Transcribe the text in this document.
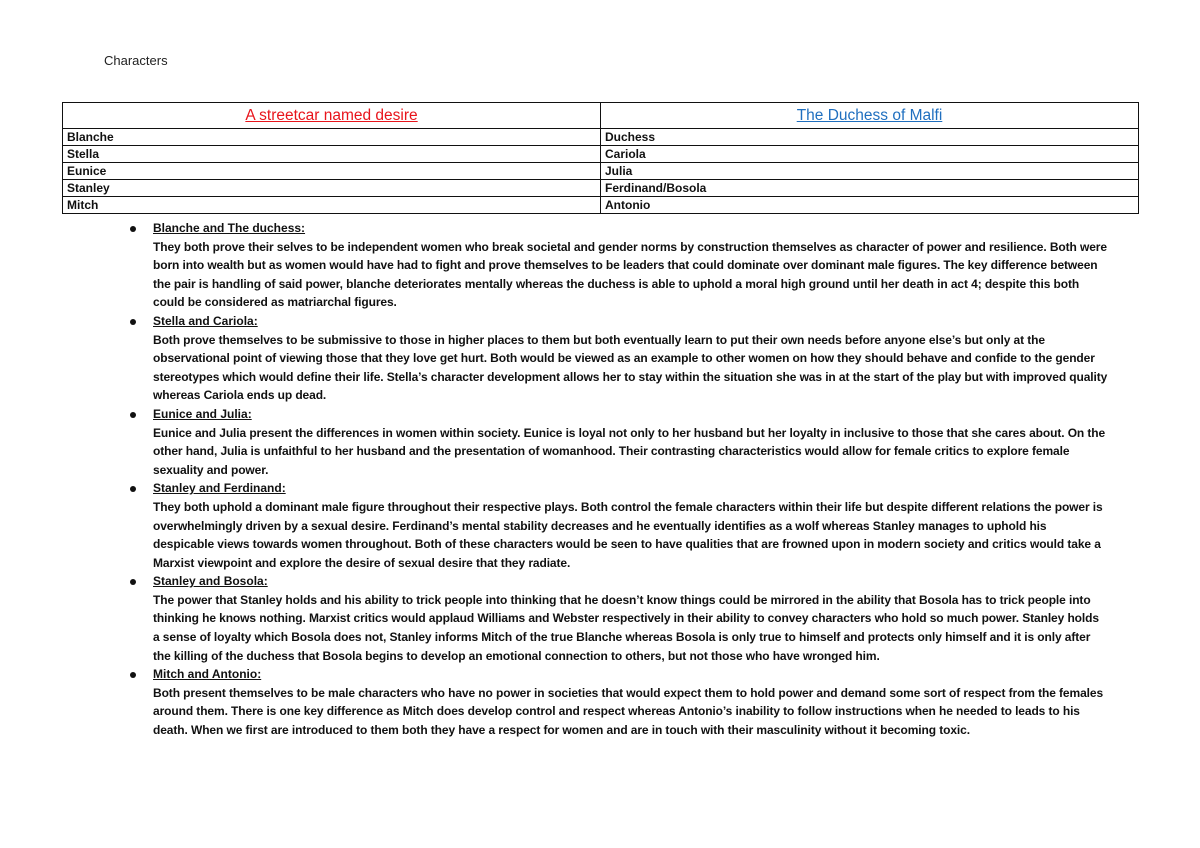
Characters
A streetcar named desire	The Duchess of Malfi
Blanche	Duchess
Stella	Cariola
Eunice	Julia
Stanley	Ferdinand/Bosola
Mitch	Antonio
Blanche and The duchess:
They both prove their selves to be independent women who break societal and gender norms by construction themselves as character of power and resilience. Both were born into wealth but as women would have had to fight and prove themselves to be leaders that could dominate over dominant male figures. The key difference between the pair is handling of said power, blanche deteriorates mentally whereas the duchess is able to uphold a moral high ground until her death in act 4; despite this both could be considered as matriarchal figures.
Stella and Cariola:
Both prove themselves to be submissive to those in higher places to them but both eventually learn to put their own needs before anyone else’s but only at the observational point of viewing those that they love get hurt. Both would be viewed as an example to other women on how they should behave and confide to the gender stereotypes which would define their life. Stella’s character development allows her to stay within the situation she was in at the start of the play but with improved quality whereas Cariola ends up dead.
Eunice and Julia:
Eunice and Julia present the differences in women within society. Eunice is loyal not only to her husband but her loyalty in inclusive to those that she cares about. On the other hand, Julia is unfaithful to her husband and the presentation of womanhood. Their contrasting characteristics would allow for female critics to explore female sexuality and power.
Stanley and Ferdinand:
They both uphold a dominant male figure throughout their respective plays. Both control the female characters within their life but despite different relations the power is overwhelmingly driven by a sexual desire. Ferdinand’s mental stability decreases and he eventually identifies as a wolf whereas Stanley manages to uphold his despicable views towards women throughout. Both of these characters would be seen to have qualities that are frowned upon in modern society and critics would take a Marxist viewpoint and explore the desire of sexual desire that they radiate.
Stanley and Bosola:
The power that Stanley holds and his ability to trick people into thinking that he doesn’t know things could be mirrored in the ability that Bosola has to trick people into thinking he knows nothing. Marxist critics would applaud Williams and Webster respectively in their ability to convey characters who hold so much power. Stanley holds a sense of loyalty which Bosola does not, Stanley informs Mitch of the true Blanche whereas Bosola is only true to himself and protects only himself and it is only after the killing of the duchess that Bosola begins to develop an emotional connection to others, but not those who have wronged him.
Mitch and Antonio:
Both present themselves to be male characters who have no power in societies that would expect them to hold power and demand some sort of respect from the females around them. There is one key difference as Mitch does develop control and respect whereas Antonio’s inability to follow instructions when he needed to leads to his death. When we first are introduced to them both they have a respect for women and are in touch with their masculinity without it becoming toxic.
